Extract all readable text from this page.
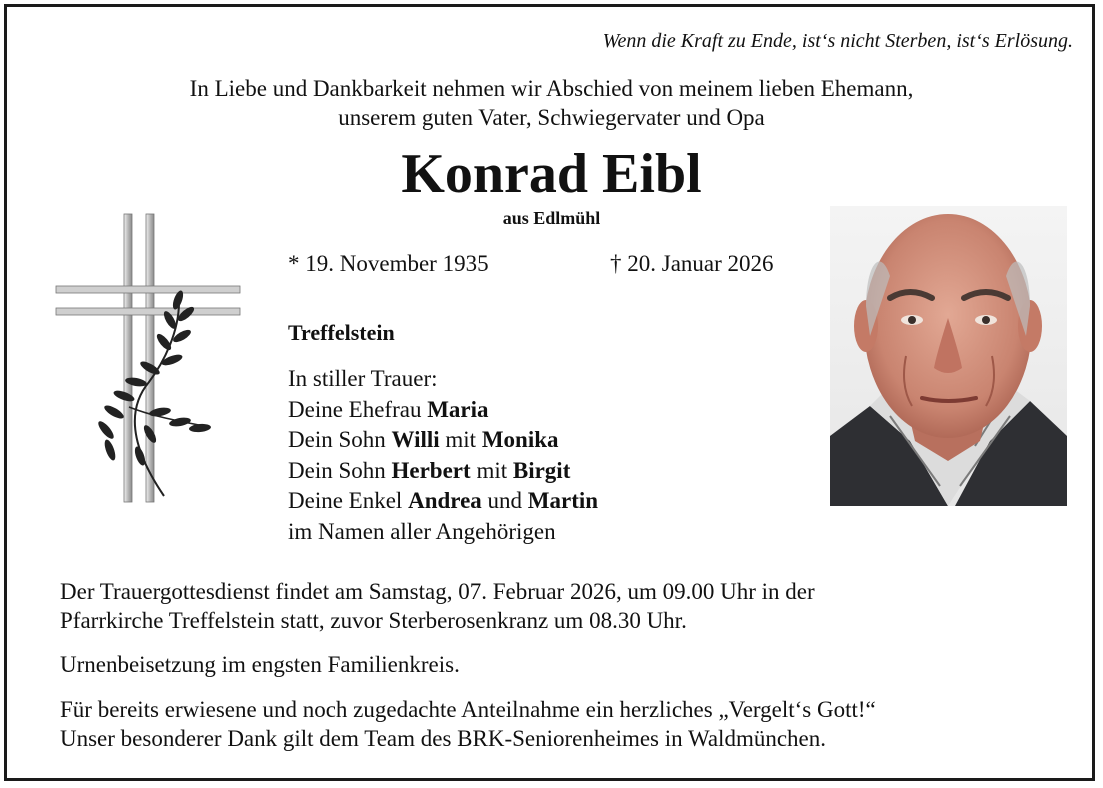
Wenn die Kraft zu Ende, ist‘s nicht Sterben, ist‘s Erlösung.
In Liebe und Dankbarkeit nehmen wir Abschied von meinem lieben Ehemann,
unserem guten Vater, Schwiegervater und Opa
Konrad Eibl
aus Edlmühl
* 19. November 1935	† 20. Januar 2026
Treffelstein
In stiller Trauer:
Deine Ehefrau Maria
Dein Sohn Willi mit Monika
Dein Sohn Herbert mit Birgit
Deine Enkel Andrea und Martin
im Namen aller Angehörigen
Der Trauergottesdienst findet am Samstag, 07. Februar 2026, um 09.00 Uhr in der
Pfarrkirche Treffelstein statt, zuvor Sterberosenkranz um 08.30 Uhr.
Urnenbeisetzung im engsten Familienkreis.
Für bereits erwiesene und noch zugedachte Anteilnahme ein herzliches „Vergelt‘s Gott!“
Unser besonderer Dank gilt dem Team des BRK-Seniorenheimes in Waldmünchen.
